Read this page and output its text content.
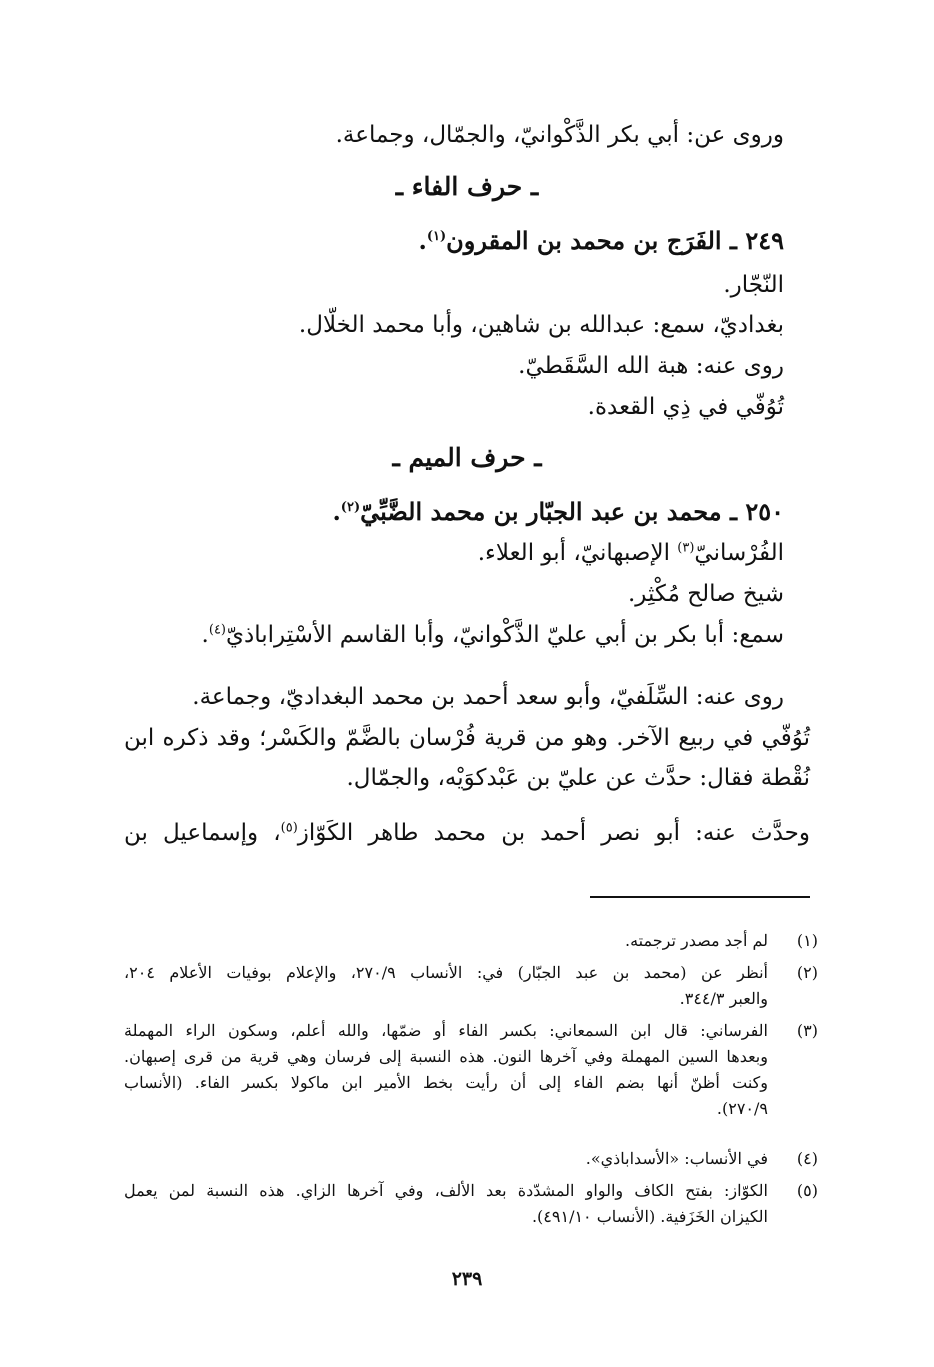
وروى عن: أبي بكر الذَّكْوانيّ، والجمّال، وجماعة.
ـ حرف الفاء ـ
٢٤٩ ـ الفَرَج بن محمد بن المقرون$^{(١)}$.
النّجّار.
بغداديّ، سمع: عبدالله بن شاهين، وأبا محمد الخلّال.
روى عنه: هبة الله السَّقَطيّ.
تُوُفّي في ذِي القعدة.
ـ حرف الميم ـ
٢٥٠ ـ محمد بن عبد الجبّار بن محمد الضَّبِّيّ$^{(٢)}$.
الفُرْسانيّ$^{(٣)}$ الإصبهانيّ، أبو العلاء.
شيخ صالح مُكْثِر.
سمع: أبا بكر بن أبي عليّ الذَّكْوانيّ، وأبا القاسم الأسْتِراباذيّ$^{(٤)}$.
روى عنه: السِّلَفيّ، وأبو سعد أحمد بن محمد البغداديّ، وجماعة.
تُوُفّي في ربيع الآخر. وهو من قرية فُرْسان بالضَّمّ والكَسْر؛ وقد ذكره ابن
نُقْطة فقال: حدَّث عن عليّ بن عَبْدكوَيْه، والجمّال.
وحدَّث عنه: أبو نصر أحمد بن محمد طاهر الكَوّاز$^{(٥)}$، وإسماعيل بن
(١)
لم أجد مصدر ترجمته.
(٢)
أنظر عن (محمد بن عبد الجبّار) في: الأنساب ٢٧٠/٩، والإعلام بوفيات الأعلام ٢٠٤،
والعبر ٣٤٤/٣.
(٣)
الفرساني: قال ابن السمعاني: بكسر الفاء أو ضمّها، والله أعلم، وسكون الراء المهملة
وبعدها السين المهملة وفي آخرها النون. هذه النسبة إلى فرسان وهي قرية من قرى إصبهان.
وكنت أظنّ أنها بضم الفاء إلى أن رأيت بخط الأمير ابن ماكولا بكسر الفاء. (الأنساب
٢٧٠/٩).
(٤)
في الأنساب: «الأسداباذي».
(٥)
الكوّاز: بفتح الكاف والواو المشدّدة بعد الألف، وفي آخرها الزاي. هذه النسبة لمن يعمل
الكيزان الخَزَفية. (الأنساب ٤٩١/١٠).
٢٣٩
